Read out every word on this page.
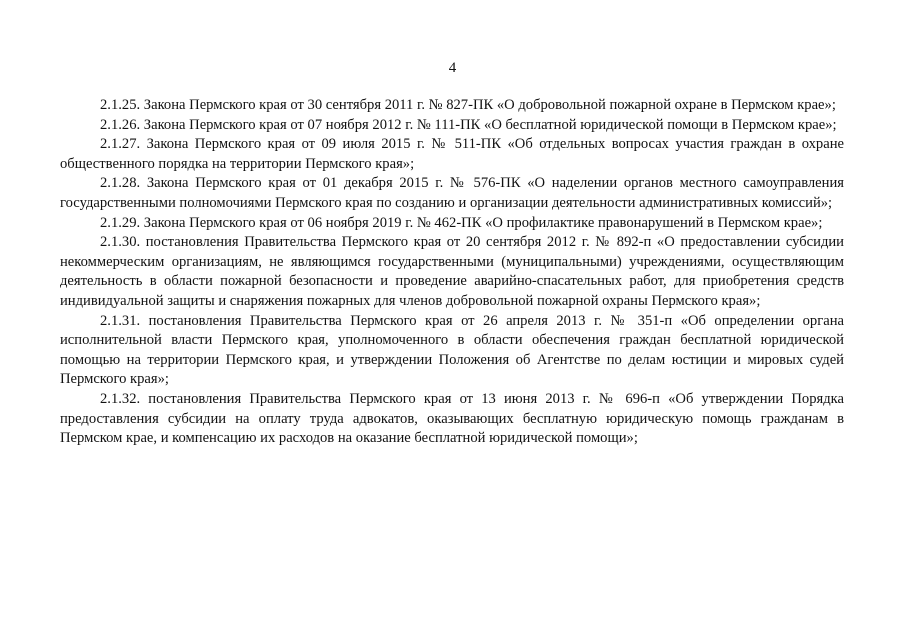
4

2.1.25. Закона Пермского края от 30 сентября 2011 г. № 827-ПК «О добровольной пожарной охране в Пермском крае»;

2.1.26. Закона Пермского края от 07 ноября 2012 г. № 111-ПК «О бесплатной юридической помощи в Пермском крае»;

2.1.27. Закона Пермского края от 09 июля 2015 г. № 511-ПК «Об отдельных вопросах участия граждан в охране общественного порядка на территории Пермского края»;

2.1.28. Закона Пермского края от 01 декабря 2015 г. № 576-ПК «О наделении органов местного самоуправления государственными полномочиями Пермского края по созданию и организации деятельности административных комиссий»;

2.1.29. Закона Пермского края от 06 ноября 2019 г. № 462-ПК «О профилактике правонарушений в Пермском крае»;

2.1.30. постановления Правительства Пермского края от 20 сентября 2012 г. № 892-п «О предоставлении субсидии некоммерческим организациям, не являющимся государственными (муниципальными) учреждениями, осуществляющим деятельность в области пожарной безопасности и проведение аварийно-спасательных работ, для приобретения средств индивидуальной защиты и снаряжения пожарных для членов добровольной пожарной охраны Пермского края»;

2.1.31. постановления Правительства Пермского края от 26 апреля 2013 г. № 351-п «Об определении органа исполнительной власти Пермского края, уполномоченного в области обеспечения граждан бесплатной юридической помощью на территории Пермского края, и утверждении Положения об Агентстве по делам юстиции и мировых судей Пермского края»;

2.1.32. постановления Правительства Пермского края от 13 июня 2013 г. № 696-п «Об утверждении Порядка предоставления субсидии на оплату труда адвокатов, оказывающих бесплатную юридическую помощь гражданам в Пермском крае, и компенсацию их расходов на оказание бесплатной юридической помощи»;
